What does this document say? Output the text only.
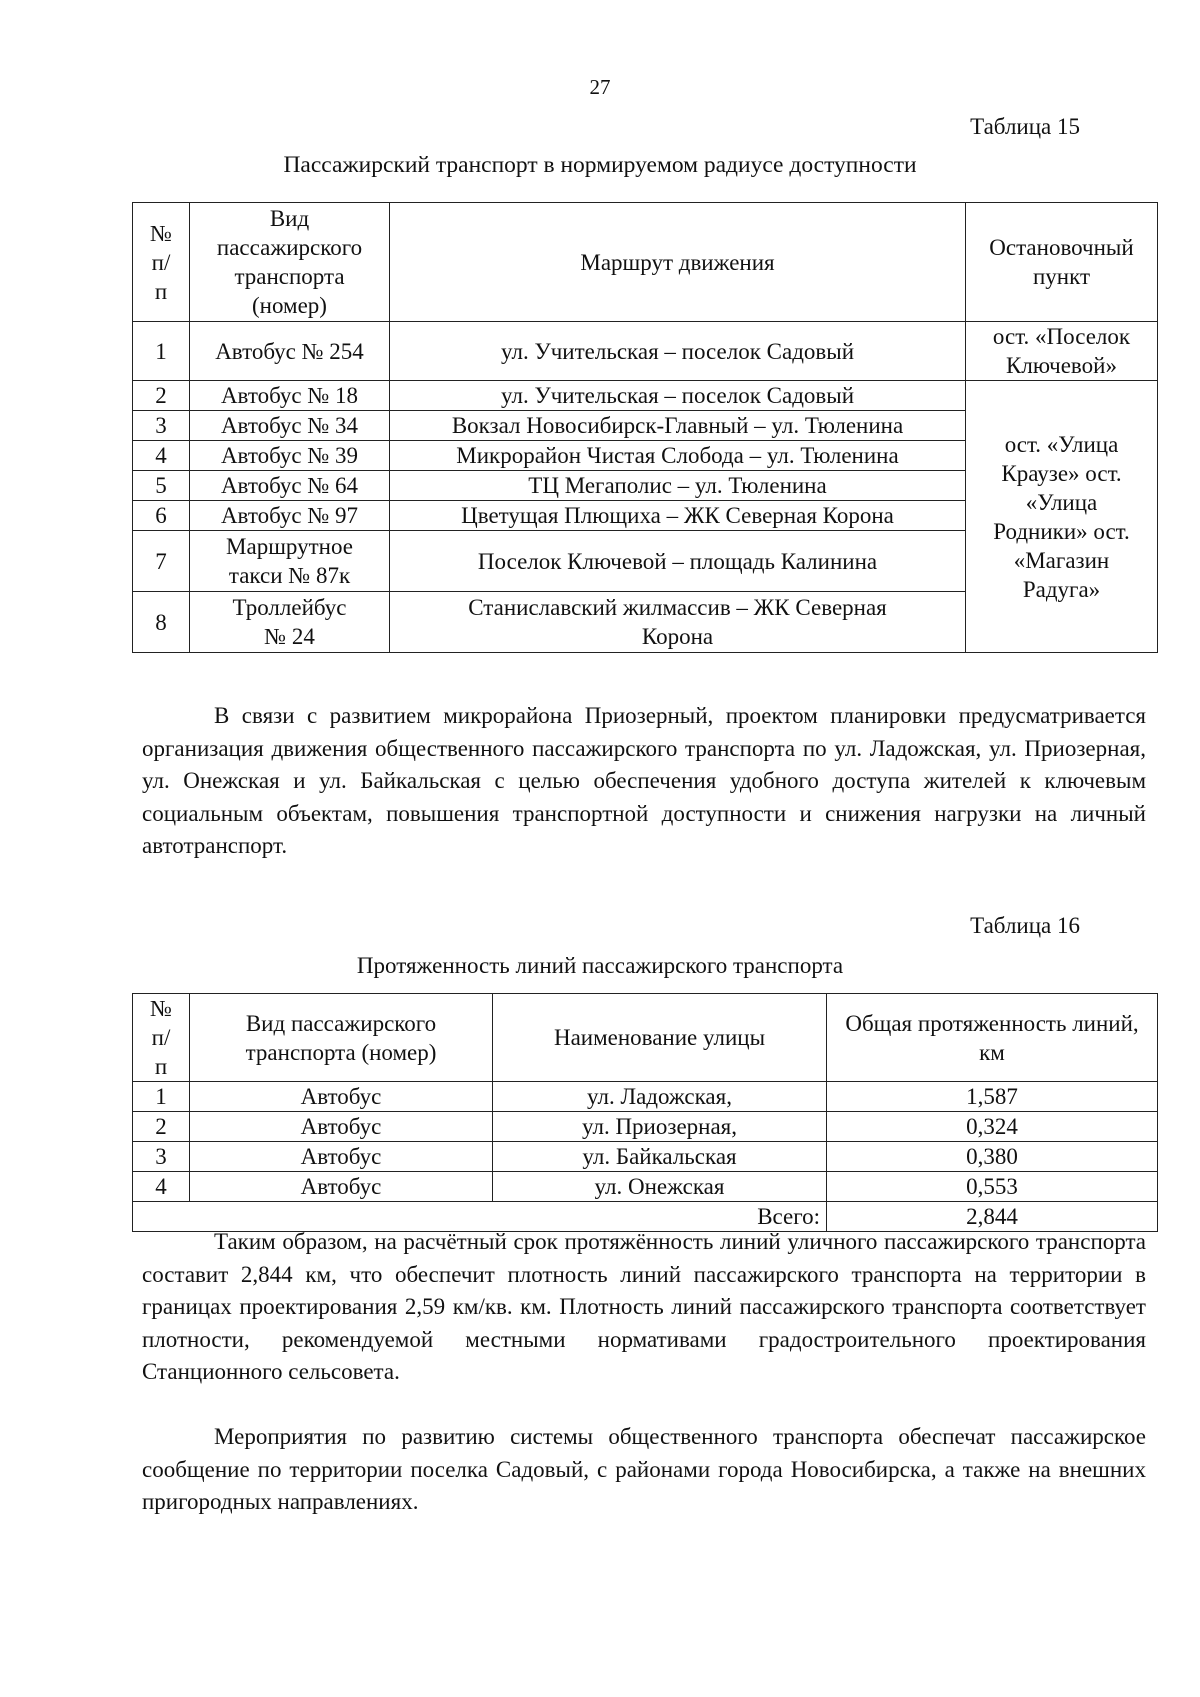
27
Таблица 15
Пассажирский транспорт в нормируемом радиусе доступности
№ п/п	Вид пассажирского транспорта (номер)	Маршрут движения	Остановочный пункт
1	Автобус № 254	ул. Учительская – поселок Садовый	ост. «Поселок Ключевой»
2	Автобус № 18	ул. Учительская – поселок Садовый	ост. «Улица Краузе» ост. «Улица Родники» ост. «Магазин Радуга»
3	Автобус № 34	Вокзал Новосибирск-Главный – ул. Тюленина	
4	Автобус № 39	Микрорайон Чистая Слобода – ул. Тюленина	
5	Автобус № 64	ТЦ Мегаполис – ул. Тюленина	
6	Автобус № 97	Цветущая Плющиха – ЖК Северная Корона	
7	Маршрутное такси № 87к	Поселок Ключевой – площадь Калинина	
8	Троллейбус № 24	Станиславский жилмассив – ЖК Северная Корона	
В связи с развитием микрорайона Приозерный, проектом планировки предусматривается организация движения общественного пассажирского транспорта по ул. Ладожская, ул. Приозерная, ул. Онежская и ул. Байкальская с целью обеспечения удобного доступа жителей к ключевым социальным объектам, повышения транспортной доступности и снижения нагрузки на личный автотранспорт.
Таблица 16
Протяженность линий пассажирского транспорта
№ п/п	Вид пассажирского транспорта (номер)	Наименование улицы	Общая протяженность линий, км
1	Автобус	ул. Ладожская,	1,587
2	Автобус	ул. Приозерная,	0,324
3	Автобус	ул. Байкальская	0,380
4	Автобус	ул. Онежская	0,553
Всего:			2,844
Таким образом, на расчётный срок протяжённость линий уличного пассажирского транспорта составит 2,844 км, что обеспечит плотность линий пассажирского транспорта на территории в границах проектирования 2,59 км/кв. км. Плотность линий пассажирского транспорта соответствует плотности, рекомендуемой местными нормативами градостроительного проектирования Станционного сельсовета.
Мероприятия по развитию системы общественного транспорта обеспечат пассажирское сообщение по территории поселка Садовый, с районами города Новосибирска, а также на внешних пригородных направлениях.
